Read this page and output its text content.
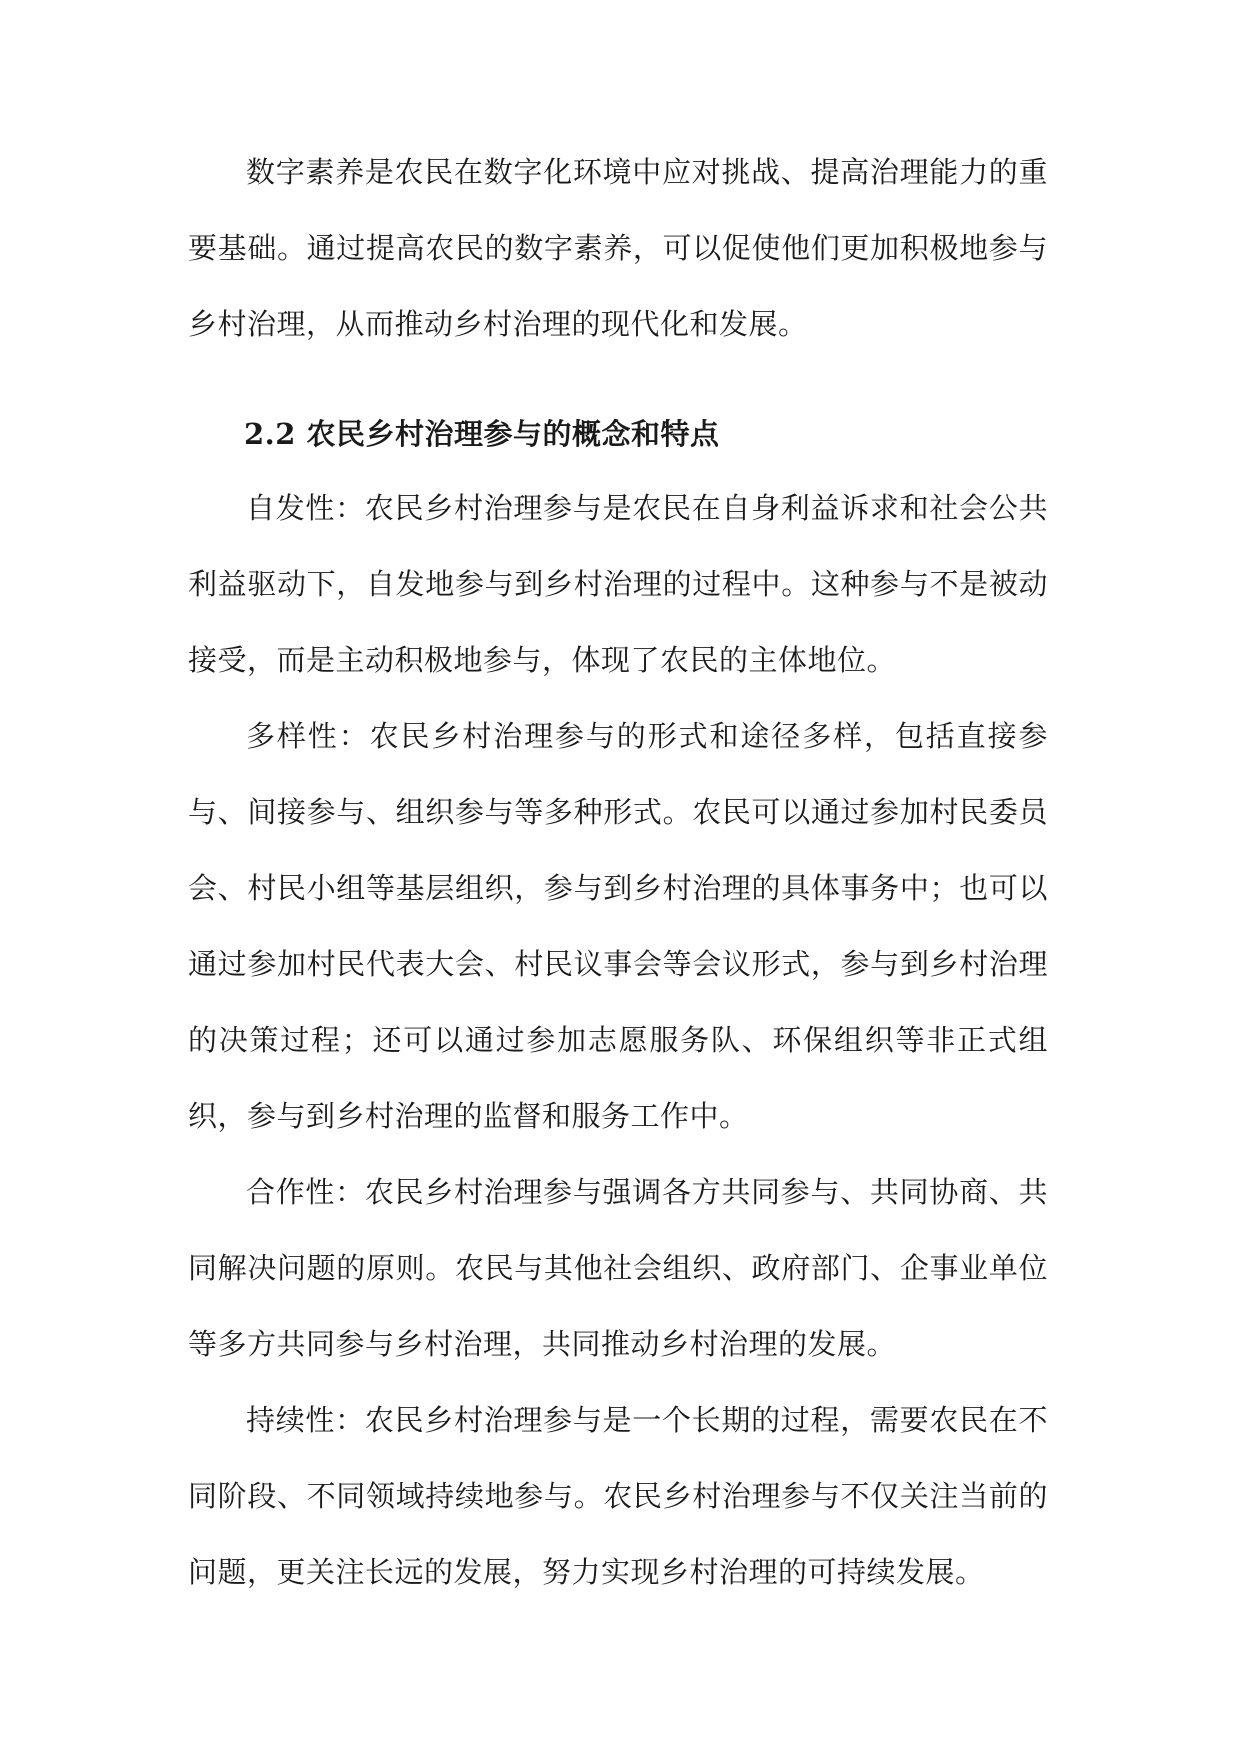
数字素养是农民在数字化环境中应对挑战、提高治理能力的重要基础。通过提高农民的数字素养，可以促使他们更加积极地参与乡村治理，从而推动乡村治理的现代化和发展。

2.2 农民乡村治理参与的概念和特点

自发性：农民乡村治理参与是农民在自身利益诉求和社会公共利益驱动下，自发地参与到乡村治理的过程中。这种参与不是被动接受，而是主动积极地参与，体现了农民的主体地位。

多样性：农民乡村治理参与的形式和途径多样，包括直接参与、间接参与、组织参与等多种形式。农民可以通过参加村民委员会、村民小组等基层组织，参与到乡村治理的具体事务中；也可以通过参加村民代表大会、村民议事会等会议形式，参与到乡村治理的决策过程；还可以通过参加志愿服务队、环保组织等非正式组织，参与到乡村治理的监督和服务工作中。

合作性：农民乡村治理参与强调各方共同参与、共同协商、共同解决问题的原则。农民与其他社会组织、政府部门、企事业单位等多方共同参与乡村治理，共同推动乡村治理的发展。

持续性：农民乡村治理参与是一个长期的过程，需要农民在不同阶段、不同领域持续地参与。农民乡村治理参与不仅关注当前的问题，更关注长远的发展，努力实现乡村治理的可持续发展。
